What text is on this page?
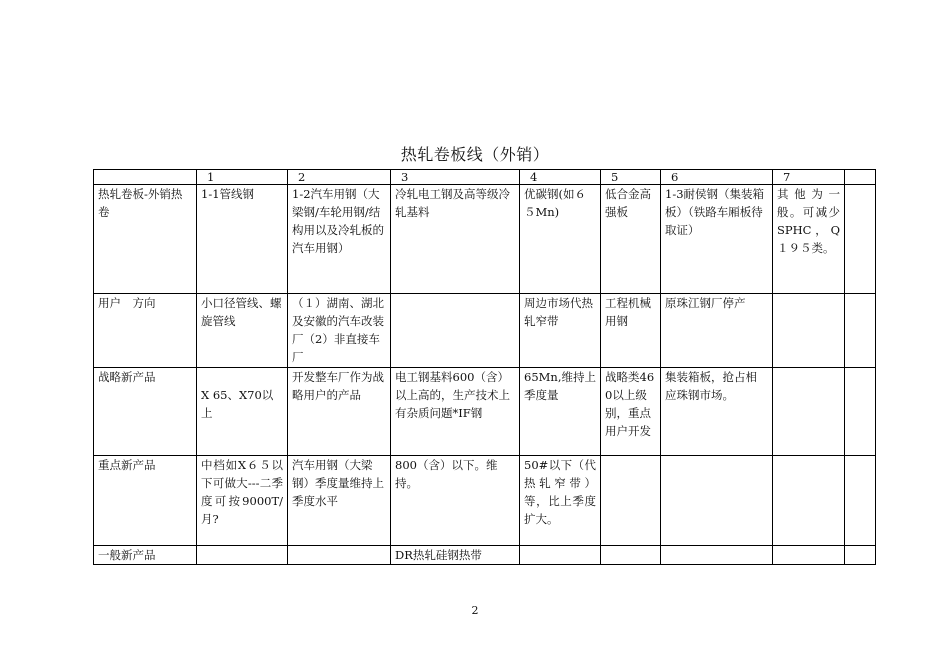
热轧卷板线（外销）
	1	2	3	4	5	6	7	
热轧卷板-外销热卷	1-1管线钢	1-2汽车用钢（大梁钢/车轮用钢/结构用以及冷轧板的汽车用钢）	冷轧电工钢及高等级冷轧基料	优碳钢(如６５Mn)	低合金高强板	1-3耐侯钢（集装箱板）（铁路车厢板待取证）	其他为一般。可减少SPHC，Q１９５类。	
用户　方向	小口径管线、螺旋管线	（１）湖南、湖北及安徽的汽车改装厂（2）非直接车厂		周边市场代热轧窄带	工程机械用钢	原珠江钢厂停产		
战略新产品	X 65、X70以上	开发整车厂作为战略用户的产品	电工钢基料600（含）以上高的，生产技术上有杂质问题*IF钢	65Mn,维持上季度量	战略类460以上级别，重点用户开发	集装箱板，抢占相应珠钢市场。		
重点新产品	中档如X６５以下可做大---二季度可按9000T/月?	汽车用钢（大梁钢）季度量维持上季度水平	800（含）以下。维持。	50#以下（代热轧窄带）等，比上季度　扩大。				
一般新产品			DR热轧硅钢热带					
2
